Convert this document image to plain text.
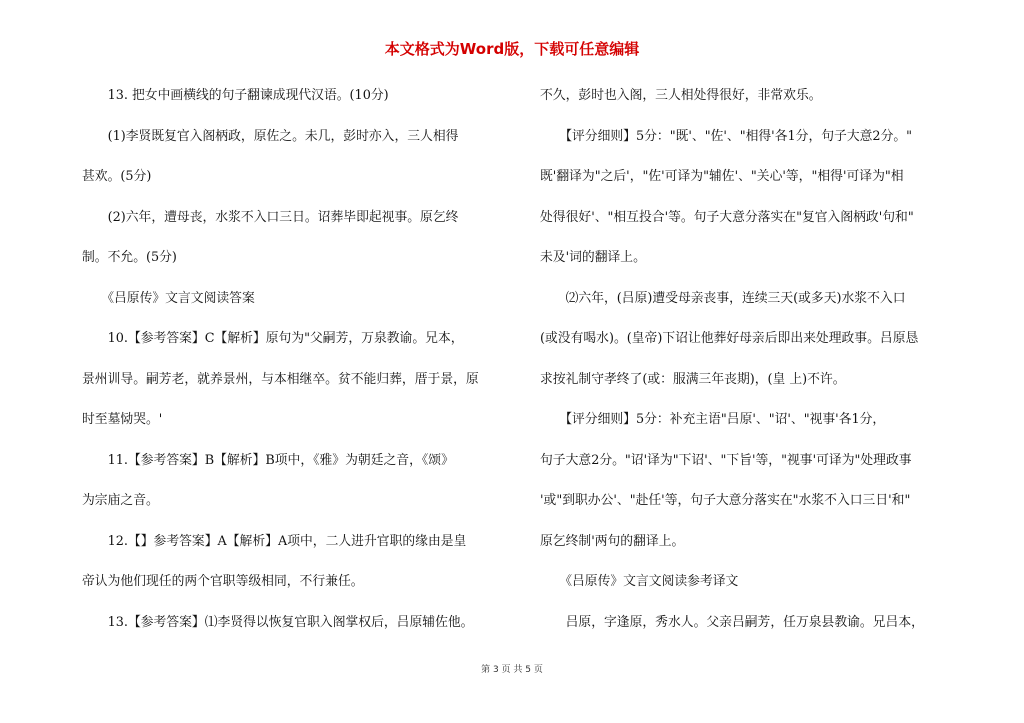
本文格式为Word版，下载可任意编辑
　　13. 把女中画横线的句子翻谏成现代汉语。(10分)
　　(1)李贤既复官入阁柄政，原佐之。未几，彭时亦入，三人相得
甚欢。(5分)
　　(2)六年，遭母丧，水浆不入口三日。诏葬毕即起视事。原乞终
制。不允。(5分)
　　《吕原传》文言文阅读答案
　　10.【参考答案】C【解析】原句为"父嗣芳，万泉教谕。兄本，
景州训导。嗣芳老，就养景州，与本相继卒。贫不能归葬，厝于景，原
时至墓恸哭。'
　　11.【参考答案】B【解析】B项中，《雅》为朝廷之音，《颂》
为宗庙之音。
　　12.【】参考答案】A【解析】A项中，二人进升官职的缘由是皇
帝认为他们现任的两个官职等级相同，不行兼任。
　　13.【参考答案】⑴李贤得以恢复官职入阁掌权后，吕原辅佐他。
不久，彭时也入阁，三人相处得很好，非常欢乐。
　　【评分细则】5分："既'、"佐'、"相得'各1分，句子大意2分。"
既'翻译为"之后'，"佐'可译为"辅佐'、"关心'等，"相得'可译为"相
处得很好'、"相互投合'等。句子大意分落实在"复官入阁柄政'句和"
未及'词的翻译上。
　　⑵六年，(吕原)遭受母亲丧事，连续三天(或多天)水浆不入口
(或没有喝水)。(皇帝)下诏让他葬好母亲后即出来处理政事。吕原恳
求按礼制守孝终了(或：服满三年丧期)，(皇 上)不许。
　　【评分细则】5分：补充主语"吕原'、"诏'、"视事'各1分，
句子大意2分。"诏'译为"下诏'、"下旨'等，"视事'可译为"处理政事
'或"到职办公'、"赴任'等，句子大意分落实在"水浆不入口三日'和"
原乞终制'两句的翻译上。
　　《吕原传》文言文阅读参考译文
　　吕原，字逢原，秀水人。父亲吕嗣芳，任万泉县教谕。兄吕本，
第 3 页 共 5 页
